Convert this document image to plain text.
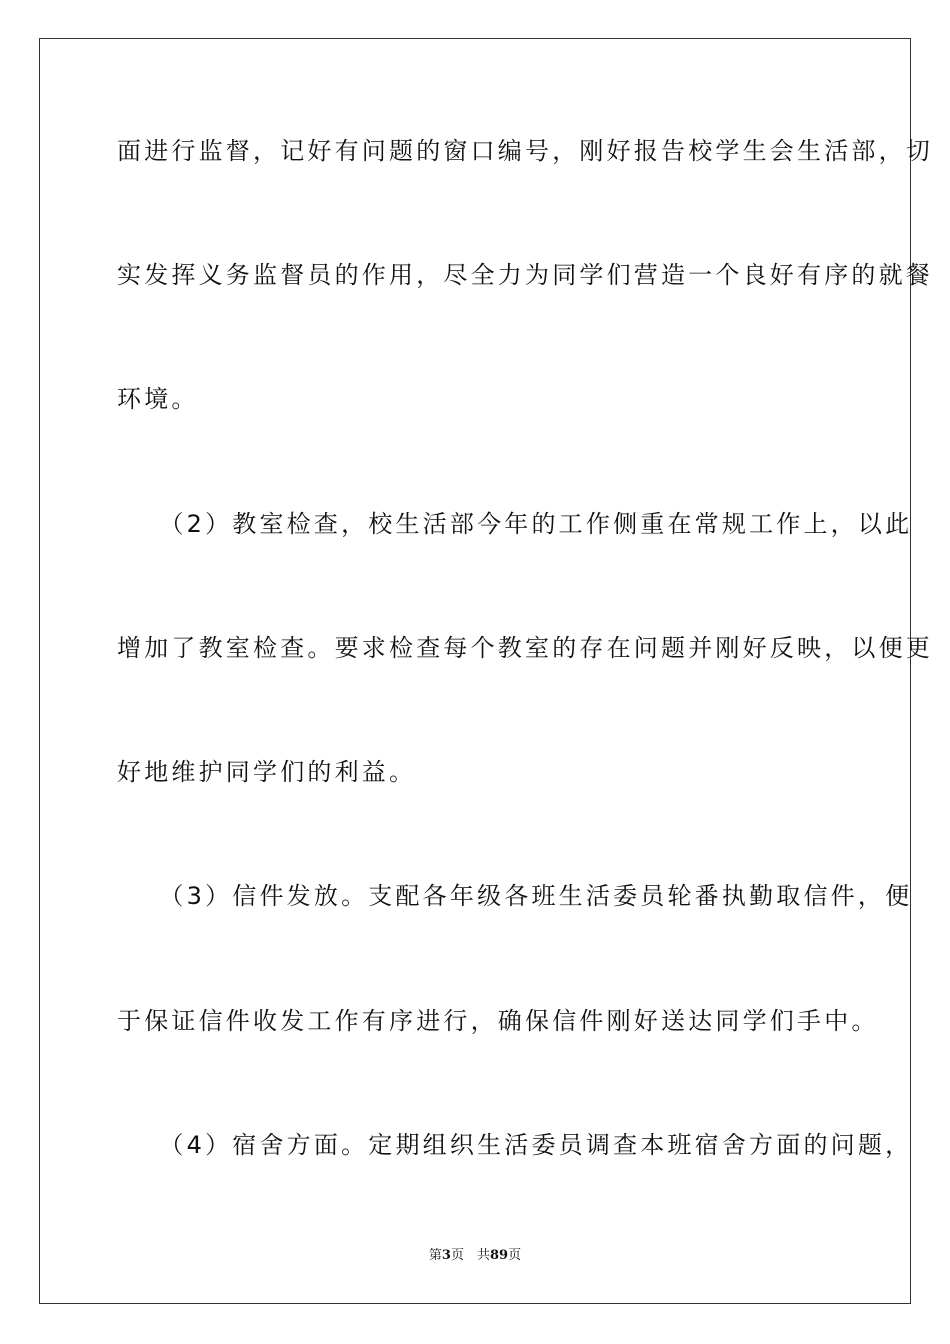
面进行监督，记好有问题的窗口编号，刚好报告校学生会生活部，切
实发挥义务监督员的作用，尽全力为同学们营造一个良好有序的就餐
环境。
　　（2）教室检查，校生活部今年的工作侧重在常规工作上，以此
增加了教室检查。要求检查每个教室的存在问题并刚好反映，以便更
好地维护同学们的利益。
　　（3）信件发放。支配各年级各班生活委员轮番执勤取信件，便
于保证信件收发工作有序进行，确保信件刚好送达同学们手中。
　　（4）宿舍方面。定期组织生活委员调查本班宿舍方面的问题，
第3页　 共89页
